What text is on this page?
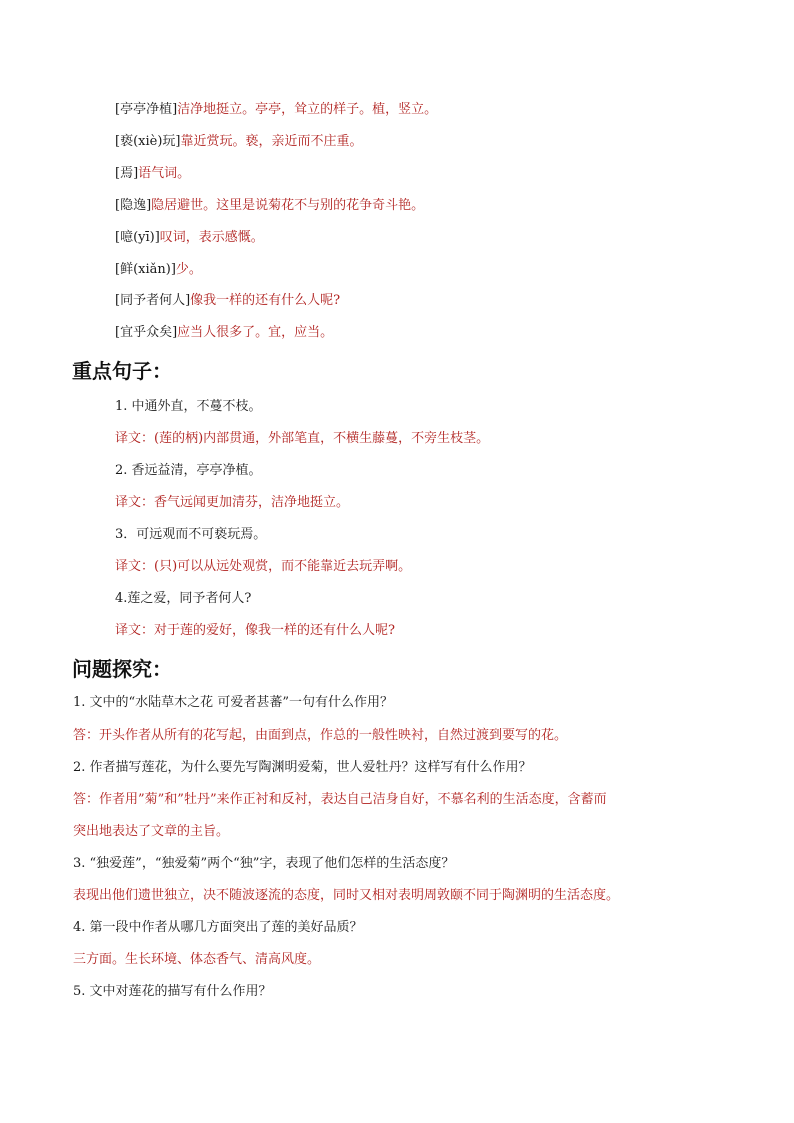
[亭亭净植]洁净地挺立。亭亭，耸立的样子。植，竖立。
[亵(xiè)玩]靠近赏玩。亵，亲近而不庄重。
[焉]语气词。
[隐逸]隐居避世。这里是说菊花不与别的花争奇斗艳。
[噫(yī)]叹词，表示感慨。
[鲜(xiǎn)]少。
[同予者何人]像我一样的还有什么人呢?
[宜乎众矣]应当人很多了。宜，应当。
重点句子：
1. 中通外直，不蔓不枝。
译文：(莲的柄)内部贯通，外部笔直，不横生藤蔓，不旁生枝茎。
2. 香远益清，亭亭净植。
译文：香气远闻更加清芬，洁净地挺立。
3．可远观而不可亵玩焉。
译文：(只)可以从远处观赏，而不能靠近去玩弄啊。
4.莲之爱，同予者何人?
译文：对于莲的爱好，像我一样的还有什么人呢?
问题探究：
1. 文中的“水陆草木之花 可爱者甚蕃”一句有什么作用？
答：开头作者从所有的花写起，由面到点，作总的一般性映衬，自然过渡到要写的花。
2. 作者描写莲花，为什么要先写陶渊明爱菊，世人爱牡丹？这样写有什么作用？
答：作者用”菊”和”牡丹”来作正衬和反衬，表达自己洁身自好，不慕名利的生活态度，含蓄而
突出地表达了文章的主旨。
3. “独爱莲”，“独爱菊”两个“独”字，表现了他们怎样的生活态度？
表现出他们遗世独立，决不随波逐流的态度，同时又相对表明周敦颐不同于陶渊明的生活态度。
4. 第一段中作者从哪几方面突出了莲的美好品质？
三方面。生长环境、体态香气、清高风度。
5. 文中对莲花的描写有什么作用？
